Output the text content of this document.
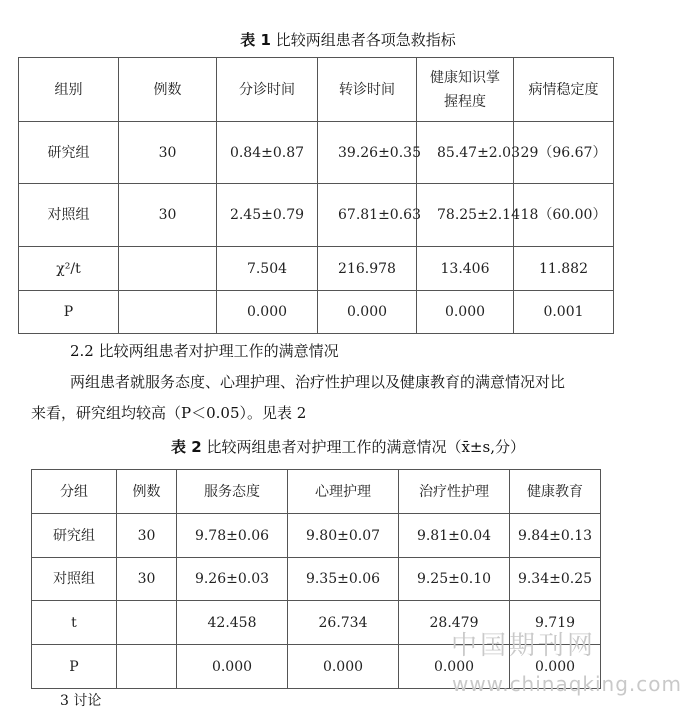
表 1 比较两组患者各项急救指标
组别	例数	分诊时间	转诊时间	健康知识掌握程度	病情稳定度
研究组	30	0.84±0.87	39.26±0.35	85.47±2.03	29（96.67）
对照组	30	2.45±0.79	67.81±0.63	78.25±2.14	18（60.00）
χ²/t		7.504	216.978	13.406	11.882
P		0.000	0.000	0.000	0.001
2.2 比较两组患者对护理工作的满意情况
两组患者就服务态度、心理护理、治疗性护理以及健康教育的满意情况对比
来看，研究组均较高（P＜0.05）。见表 2
表 2 比较两组患者对护理工作的满意情况（x̄±s,分）
分组	例数	服务态度	心理护理	治疗性护理	健康教育
研究组	30	9.78±0.06	9.80±0.07	9.81±0.04	9.84±0.13
对照组	30	9.26±0.03	9.35±0.06	9.25±0.10	9.34±0.25
t		42.458	26.734	28.479	9.719
P		0.000	0.000	0.000	0.000
3 讨论
中国期刊网
www.chinaqking.com
